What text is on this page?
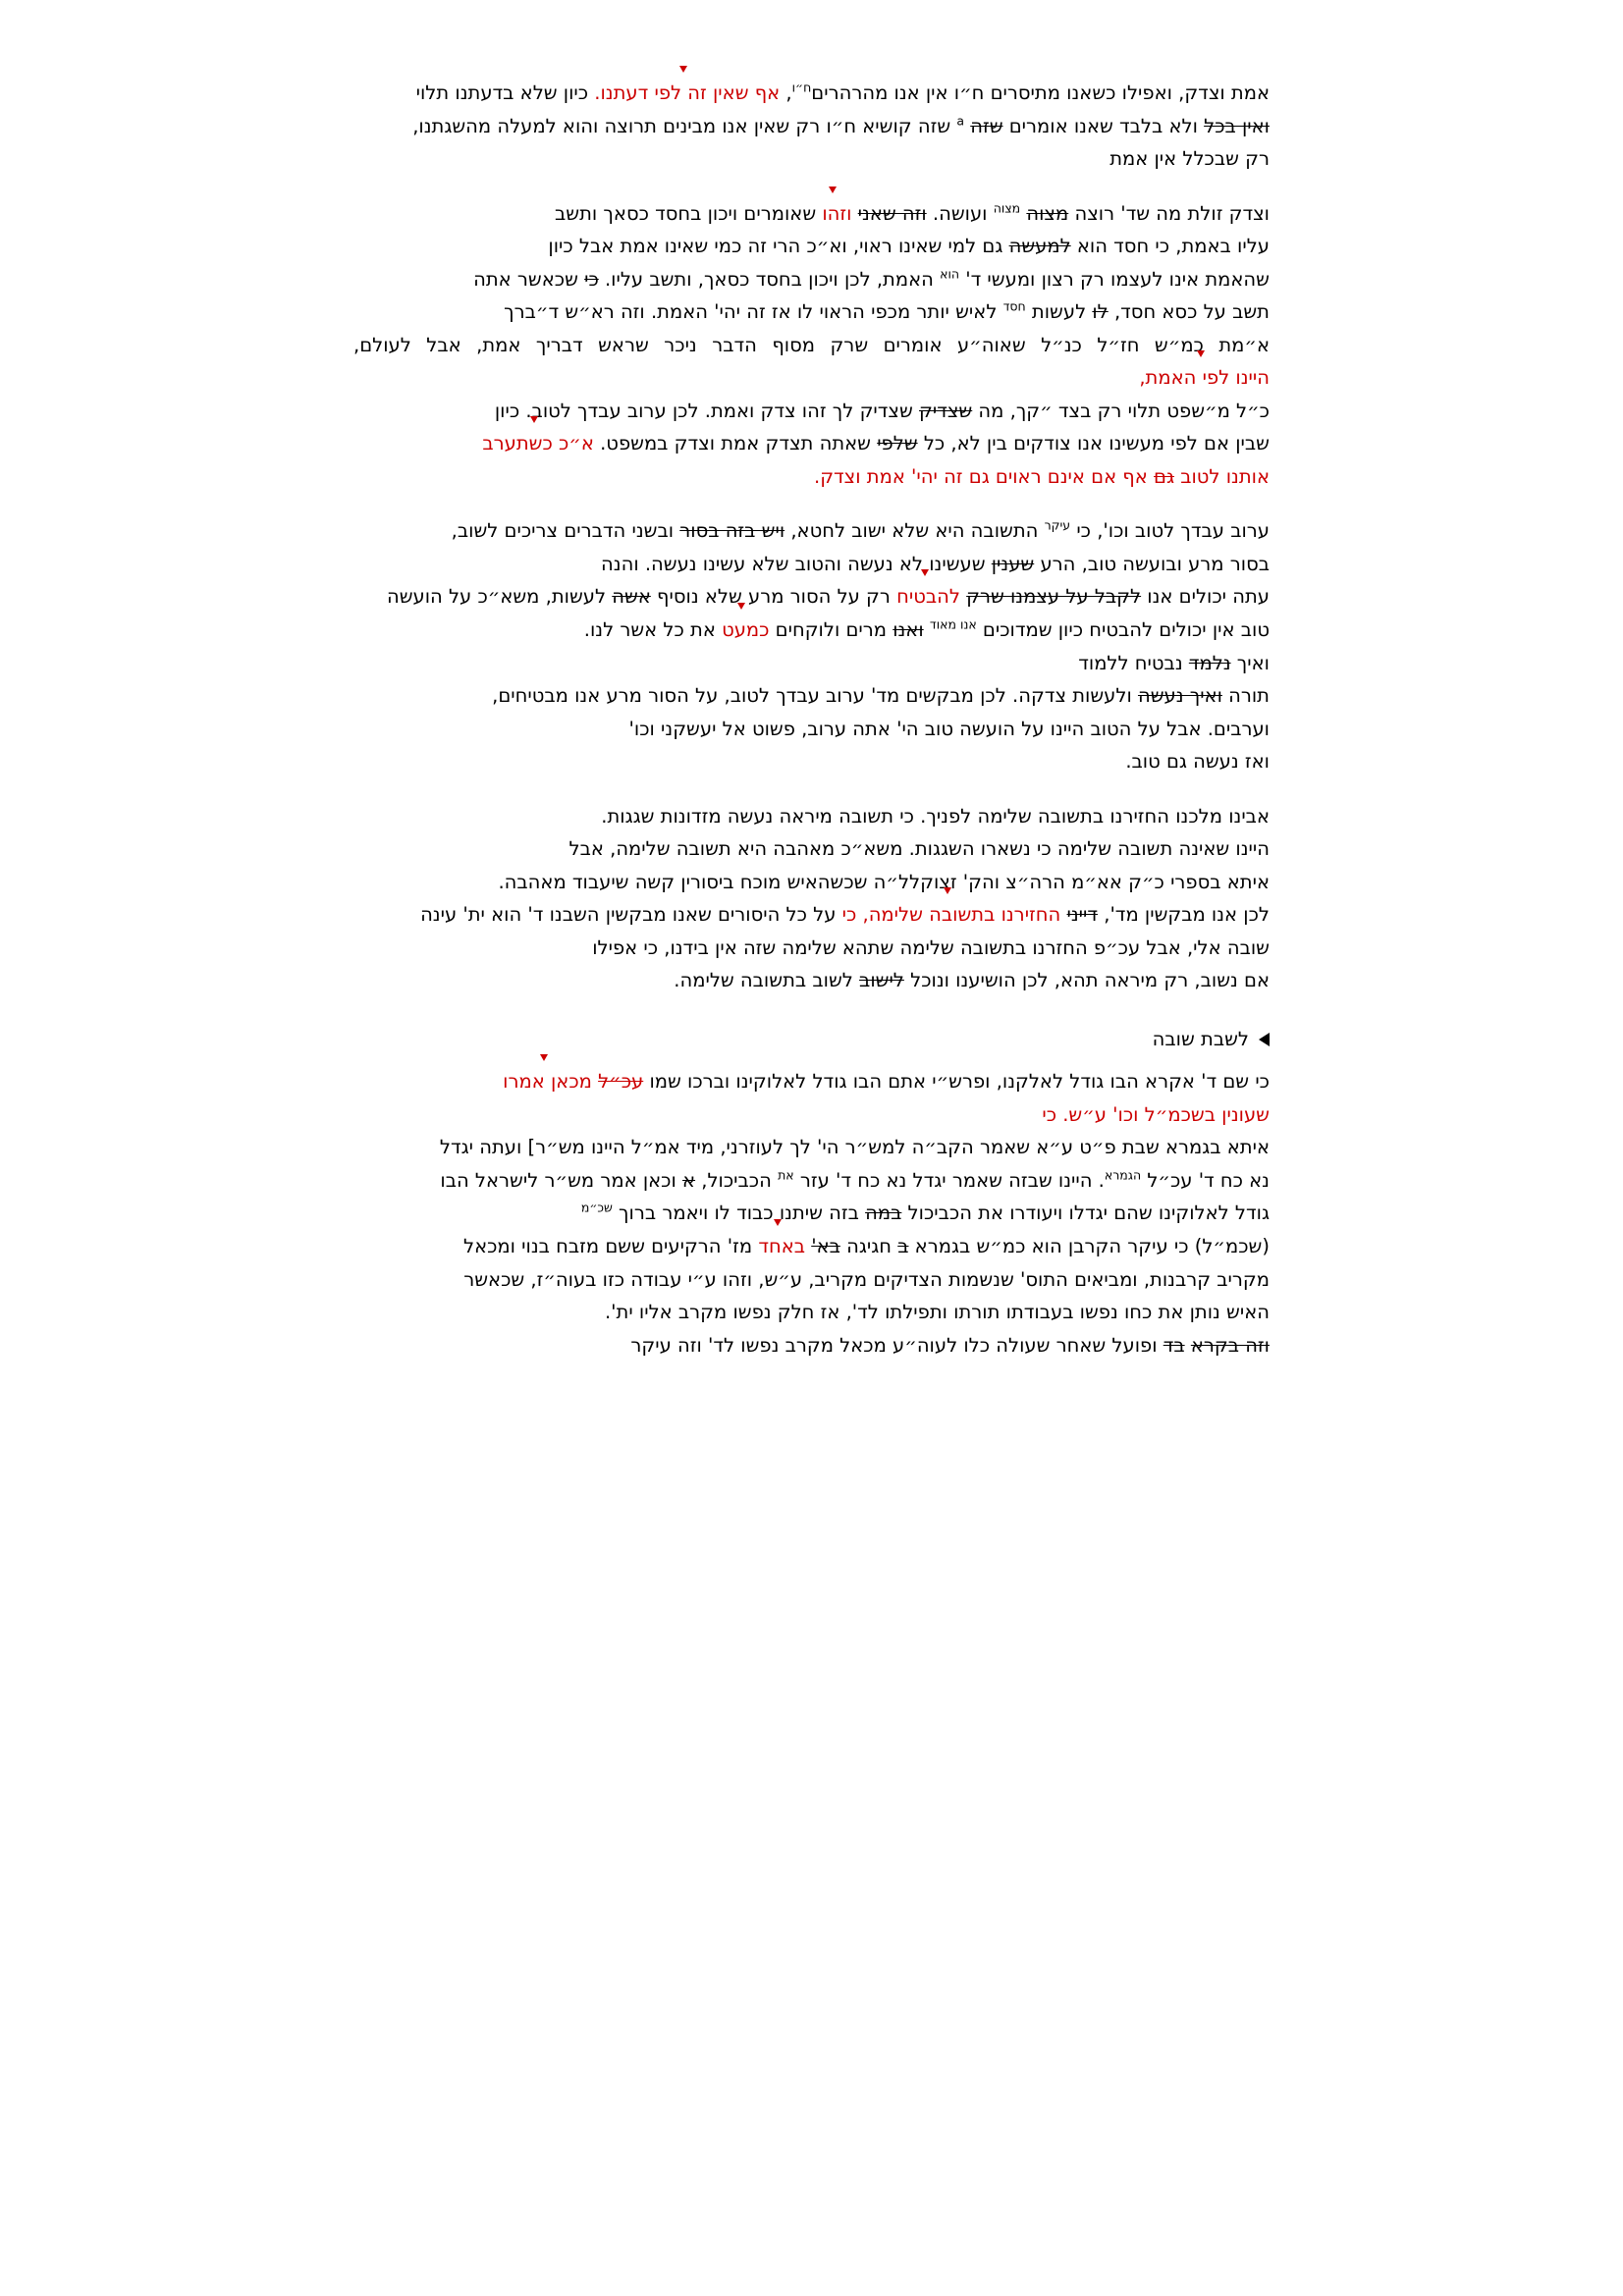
אמת וצדק, ואפילו כשאנו מתיסרים ח״ו אין אנו מהרהרים$^{ח״ו}$, אף שאין זה לפי דעתנו. כיון שלא בדעתנו תלוי

ואין בכל ולא בלבד שאנו אומרים שזה $^a$ שזה קושיא ח״ו רק שאין אנו מבינים תרוצה והוא למעלה מהשגתנו,

רק שבכלל אין אמת

וצדק זולת מה שד' רוצה מצוה $^{מצוה}$ ועושה. וזה שאני וזהו שאומרים ויכון בחסד כסאך ותשב

עליו באמת, כי חסד הוא למעשה גם למי שאינו ראוי, וא״כ הרי זה כמי שאינו אמת אבל כיון

שהאמת אינו לעצמו רק רצון ומעשי ד' $^{הוא}$ האמת, לכן ויכון בחסד כסאך, ותשב עליו. כי שכאשר אתה

תשב על כסא חסד, לו לעשות $^{חסד}$ לאיש יותר מכפי הראוי לו אז זה יהי' האמת. וזה רא״ש ד״ברך

א״מת כמ״ש חז״ל כנ״ל שאוה״ע אומרים שרק מסוף הדבר ניכר שראש דבריך אמת, אבל לעולם, היינו לפי האמת,

כ״ל מ״שפט תלוי רק בצד ״קך, מה שצדיק שצדיק לך זהו צדק ואמת. לכן ערוב עבדך לטוב. כיון

שבין אם לפי מעשינו אנו צודקים בין לא, כל שלפי שאתה תצדק אמת וצדק במשפט. א״כ כשתערב

אותנו לטוב גם אף אם אינם ראוים גם זה יהי' אמת וצדק.

ערוב עבדך לטוב וכו', כי $^{עיקר}$ התשובה היא שלא ישוב לחטא, ויש בזה בסור ובשני הדברים צריכים לשוב,

בסור מרע ובועשה טוב, הרע שענין שעשינו לא נעשה והטוב שלא עשינו נעשה. והנה

עתה יכולים אנו לקבל על עצמנו שרק להבטיח רק על הסור מרע שלא נוסיף אשה לעשות, משא״כ על הועשה

טוב אין יכולים להבטיח כיון שמדוכים $^{אנו מאוד}$ ואנו מרים ולוקחים כמעט את כל אשר לנו.

ואיך נלמד נבטיח ללמוד

תורה ואיך נעשה ולעשות צדקה. לכן מבקשים מד' ערוב עבדך לטוב, על הסור מרע אנו מבטיחים,

וערבים. אבל על הטוב היינו על הועשה טוב הי' אתה ערוב, פשוט אל יעשקני וכו'

ואז נעשה גם טוב.

אבינו מלכנו החזירנו בתשובה שלימה לפניך. כי תשובה מיראה נעשה מזדונות שגגות.

היינו שאינה תשובה שלימה כי נשארו השגגות. משא״כ מאהבה היא תשובה שלימה, אבל

איתא בספרי כ״ק אא״מ הרה״צ והק' זצוקלל״ה שכשהאיש מוכח ביסורין קשה שיעבוד מאהבה.

לכן אנו מבקשין מד', דייני החזירנו בתשובה שלימה, כי על כל היסורים שאנו מבקשין השבנו ד' הוא ית' עינה

שובה אלי, אבל עכ״פ החזרנו בתשובה שלימה שתהא שלימה שזה אין בידנו, כי אפילו

אם נשוב, רק מיראה תהא, לכן הושיענו ונוכל לישוב לשוב בתשובה שלימה.

לשבת שובה

כי שם ד' אקרא הבו גודל לאלקנו, ופרש״י אתם הבו גודל לאלוקינו וברכו שמו עכ״ל מכאן אמרו

שעונין בשכמ״ל וכו' ע״ש. כי

איתא בגמרא שבת פ״ט ע״א שאמר הקב״ה למש״ר הי' לך לעוזרני, מיד אמ״ל היינו מש״ר] ועתה יגדל

נא כח ד' עכ״ל $^{הגמרא}$. היינו שבזה שאמר יגדל נא כח ד' עזר $^{את}$ הכביכול, א וכאן אמר מש״ר לישראל הבו

גודל לאלוקינו שהם יגדלו ויעודרו את הכביכול במה בזה שיתנו כבוד לו ויאמר ברוך $^{שכ״מ}$

(שכמ״ל) כי עיקר הקרבן הוא כמ״ש בגמרא ב חגיגה בא' באחד מז' הרקיעים ששם מזבח בנוי ומכאל

מקריב קרבנות, ומביאים התוס' שנשמות הצדיקים מקריב, ע״ש, וזהו ע״י עבודה כזו בעוה״ז, שכאשר

האיש נותן את כחו נפשו בעבודתו תורתו ותפילתו לד', אז חלק נפשו מקרב אליו ית'.

וזה בקרא בד ופועל שאחר שעולה כלו לעוה״ע מכאל מקרב נפשו לד' וזה עיקר
